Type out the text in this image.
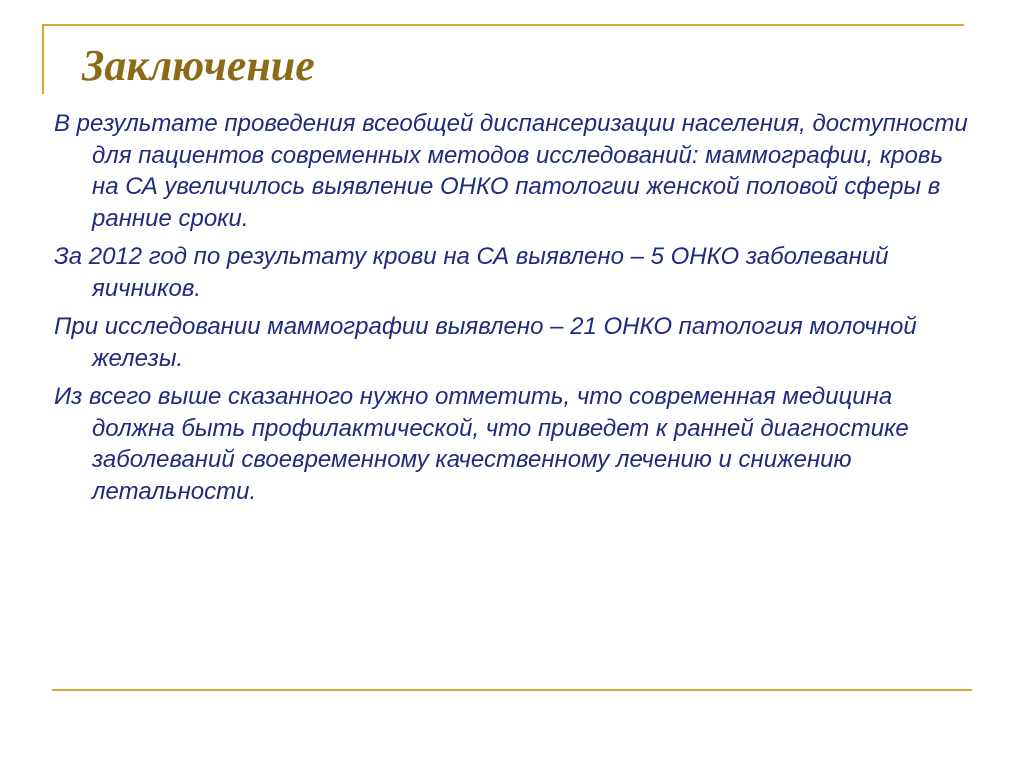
Заключение
В результате проведения всеобщей диспансеризации населения, доступности для пациентов современных методов исследований: маммографии, кровь на СА увеличилось выявление ОНКО патологии женской половой сферы в ранние сроки.
За 2012 год по результату крови на СА выявлено – 5 ОНКО заболеваний яичников.
При исследовании маммографии выявлено – 21 ОНКО патология молочной железы.
Из всего выше сказанного нужно отметить, что современная медицина должна быть профилактической, что приведет к ранней диагностике заболеваний своевременному качественному лечению и снижению летальности.
